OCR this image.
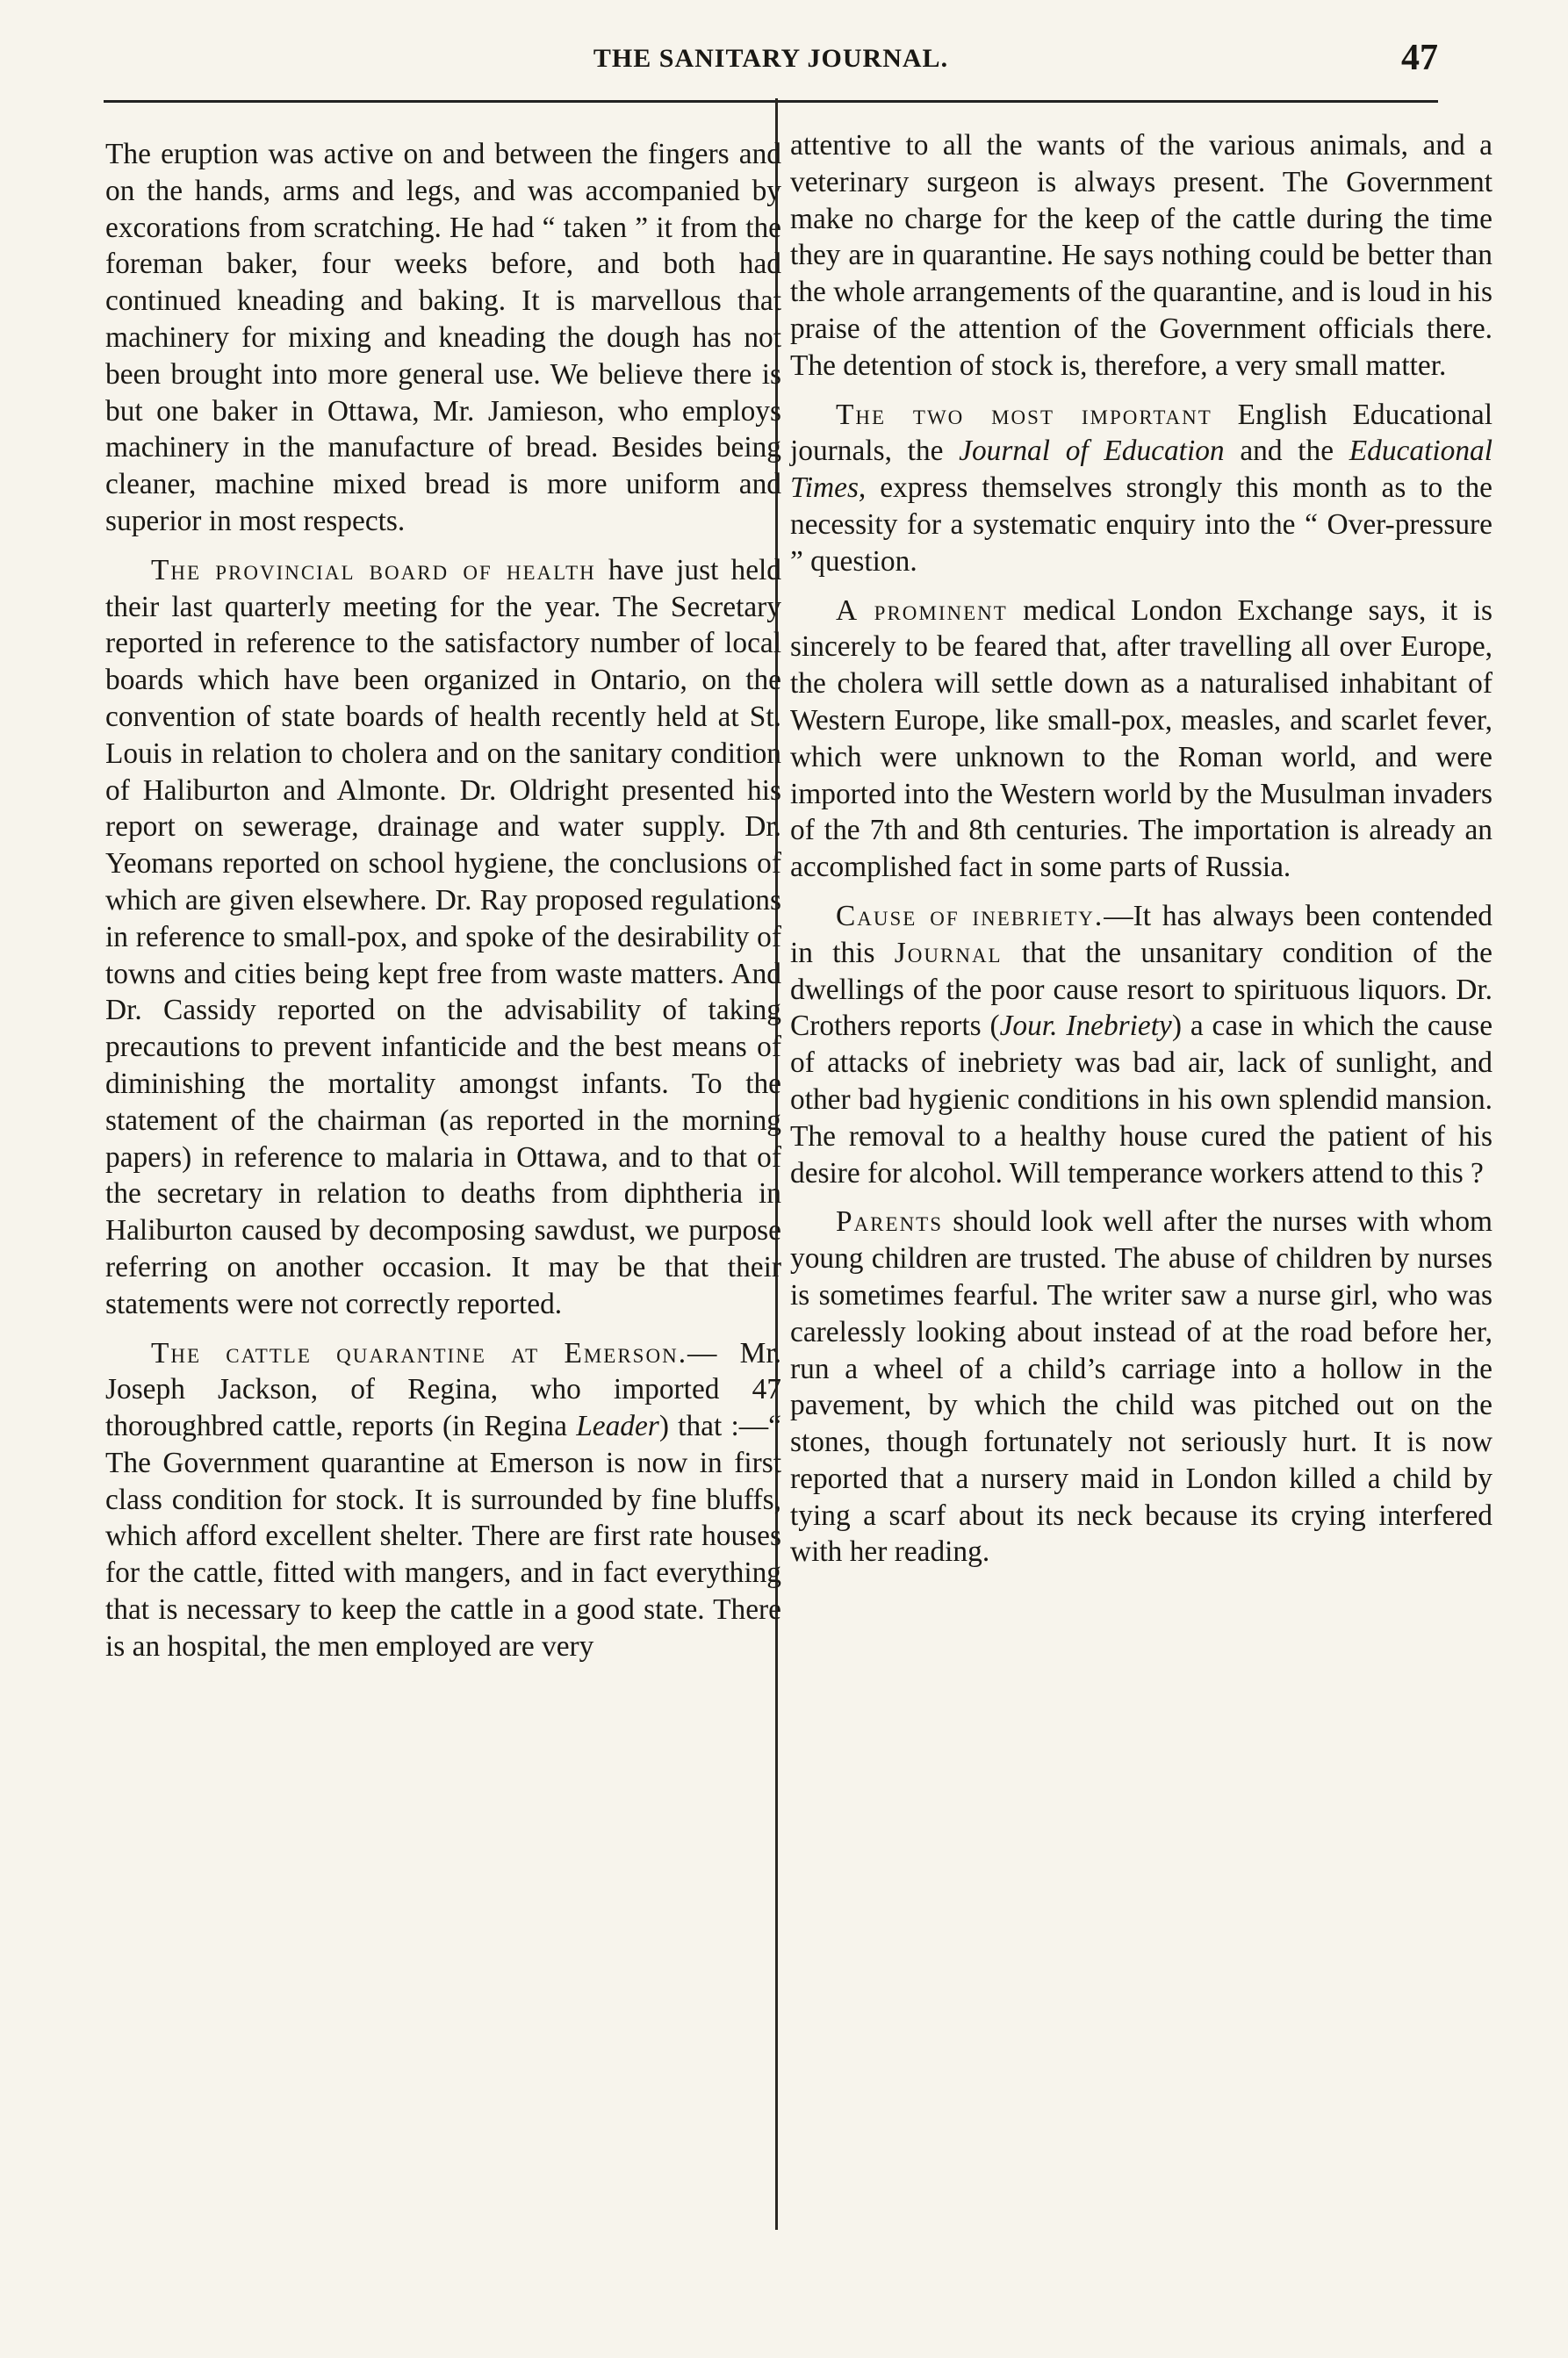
THE SANITARY JOURNAL.	47

The eruption was active on and between the fingers and on the hands, arms and legs, and was accompanied by excorations from scratching. He had “ taken ” it from the foreman baker, four weeks before, and both had continued kneading and baking. It is marvellous that machinery for mixing and kneading the dough has not been brought into more general use. We believe there is but one baker in Ottawa, Mr. Jamieson, who employs machinery in the manufacture of bread. Besides being cleaner, machine mixed bread is more uniform and superior in most respects.

The provincial board of health have just held their last quarterly meeting for the year. The Secretary reported in reference to the satisfactory number of local boards which have been organized in Ontario, on the convention of state boards of health recently held at St. Louis in relation to cholera and on the sanitary condition of Haliburton and Almonte. Dr. Oldright presented his report on sewerage, drainage and water supply. Dr. Yeomans reported on school hygiene, the conclusions of which are given elsewhere. Dr. Ray proposed regulations in reference to small-pox, and spoke of the desirability of towns and cities being kept free from waste matters. And Dr. Cassidy reported on the advisability of taking precautions to prevent infanticide and the best means of diminishing the mortality amongst infants. To the statement of the chairman (as reported in the morning papers) in reference to malaria in Ottawa, and to that of the secretary in relation to deaths from diphtheria in Haliburton caused by decomposing sawdust, we purpose referring on another occasion. It may be that their statements were not correctly reported.

The cattle quarantine at Emerson.— Mr. Joseph Jackson, of Regina, who imported 47 thoroughbred cattle, reports (in Regina Leader) that :—“ The Government quarantine at Emerson is now in first class condition for stock. It is surrounded by fine bluffs, which afford excellent shelter. There are first rate houses for the cattle, fitted with mangers, and in fact everything that is necessary to keep the cattle in a good state. There is an hospital, the men employed are very

attentive to all the wants of the various animals, and a veterinary surgeon is always present. The Government make no charge for the keep of the cattle during the time they are in quarantine. He says nothing could be better than the whole arrangements of the quarantine, and is loud in his praise of the attention of the Government officials there. The detention of stock is, therefore, a very small matter.

The two most important English Educational journals, the Journal of Education and the Educational Times, express themselves strongly this month as to the necessity for a systematic enquiry into the “ Over-pressure ” question.

A prominent medical London Exchange says, it is sincerely to be feared that, after travelling all over Europe, the cholera will settle down as a naturalised inhabitant of Western Europe, like small-pox, measles, and scarlet fever, which were unknown to the Roman world, and were imported into the Western world by the Musulman invaders of the 7th and 8th centuries. The importation is already an accomplished fact in some parts of Russia.

Cause of inebriety.—It has always been contended in this Journal that the unsanitary condition of the dwellings of the poor cause resort to spirituous liquors. Dr. Crothers reports (Jour. Inebriety) a case in which the cause of attacks of inebriety was bad air, lack of sunlight, and other bad hygienic conditions in his own splendid mansion. The removal to a healthy house cured the patient of his desire for alcohol. Will temperance workers attend to this ?

Parents should look well after the nurses with whom young children are trusted. The abuse of children by nurses is sometimes fearful. The writer saw a nurse girl, who was carelessly looking about instead of at the road before her, run a wheel of a child’s carriage into a hollow in the pavement, by which the child was pitched out on the stones, though fortunately not seriously hurt. It is now reported that a nursery maid in London killed a child by tying a scarf about its neck because its crying interfered with her reading.
